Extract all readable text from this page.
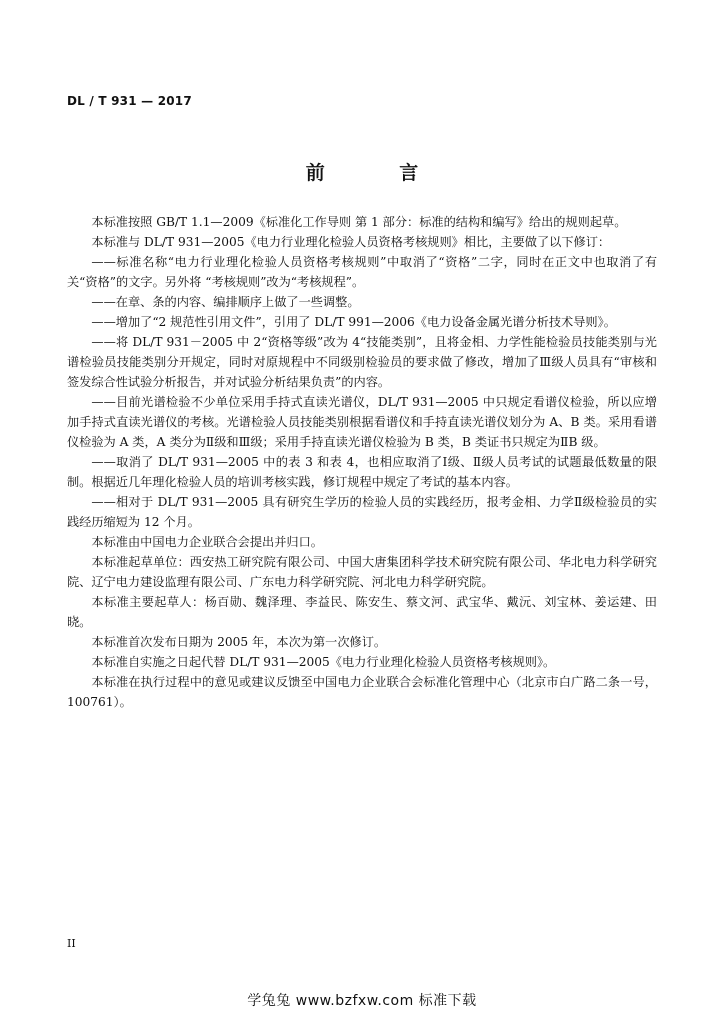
DL / T 931 — 2017
前 言

本标准按照 GB/T 1.1—2009《标准化工作导则 第 1 部分：标准的结构和编写》给出的规则起草。

本标准与 DL/T 931—2005《电力行业理化检验人员资格考核规则》相比，主要做了以下修订：

——标准名称“电力行业理化检验人员资格考核规则”中取消了“资格”二字，同时在正文中也取消了有关“资格”的文字。另外将 “考核规则”改为“考核规程”。

——在章、条的内容、编排顺序上做了一些调整。

——增加了“2 规范性引用文件”，引用了 DL/T 991—2006《电力设备金属光谱分析技术导则》。

——将 DL/T 931－2005 中 2“资格等级”改为 4“技能类别”，且将金相、力学性能检验员技能类别与光谱检验员技能类别分开规定，同时对原规程中不同级别检验员的要求做了修改，增加了Ⅲ级人员具有“审核和签发综合性试验分析报告，并对试验分析结果负责”的内容。

——目前光谱检验不少单位采用手持式直读光谱仪，DL/T 931—2005 中只规定看谱仪检验，所以应增加手持式直读光谱仪的考核。光谱检验人员技能类别根据看谱仪和手持直读光谱仪划分为 A、B 类。采用看谱仪检验为 A 类，A 类分为Ⅱ级和Ⅲ级；采用手持直读光谱仪检验为 B 类，B 类证书只规定为ⅡB 级。

——取消了 DL/T 931—2005 中的表 3 和表 4，也相应取消了Ⅰ级、Ⅱ级人员考试的试题最低数量的限制。根据近几年理化检验人员的培训考核实践，修订规程中规定了考试的基本内容。

——相对于 DL/T 931—2005 具有研究生学历的检验人员的实践经历，报考金相、力学Ⅱ级检验员的实践经历缩短为 12 个月。

本标准由中国电力企业联合会提出并归口。

本标准起草单位：西安热工研究院有限公司、中国大唐集团科学技术研究院有限公司、华北电力科学研究院、辽宁电力建设监理有限公司、广东电力科学研究院、河北电力科学研究院。

本标准主要起草人：杨百勋、魏泽理、李益民、陈安生、蔡文河、武宝华、戴沅、刘宝林、姜运建、田晓。

本标准首次发布日期为 2005 年，本次为第一次修订。

本标准自实施之日起代替 DL/T 931—2005《电力行业理化检验人员资格考核规则》。

本标准在执行过程中的意见或建议反馈至中国电力企业联合会标准化管理中心（北京市白广路二条一号，100761）。

II
学兔兔 www.bzfxw.com 标准下载
